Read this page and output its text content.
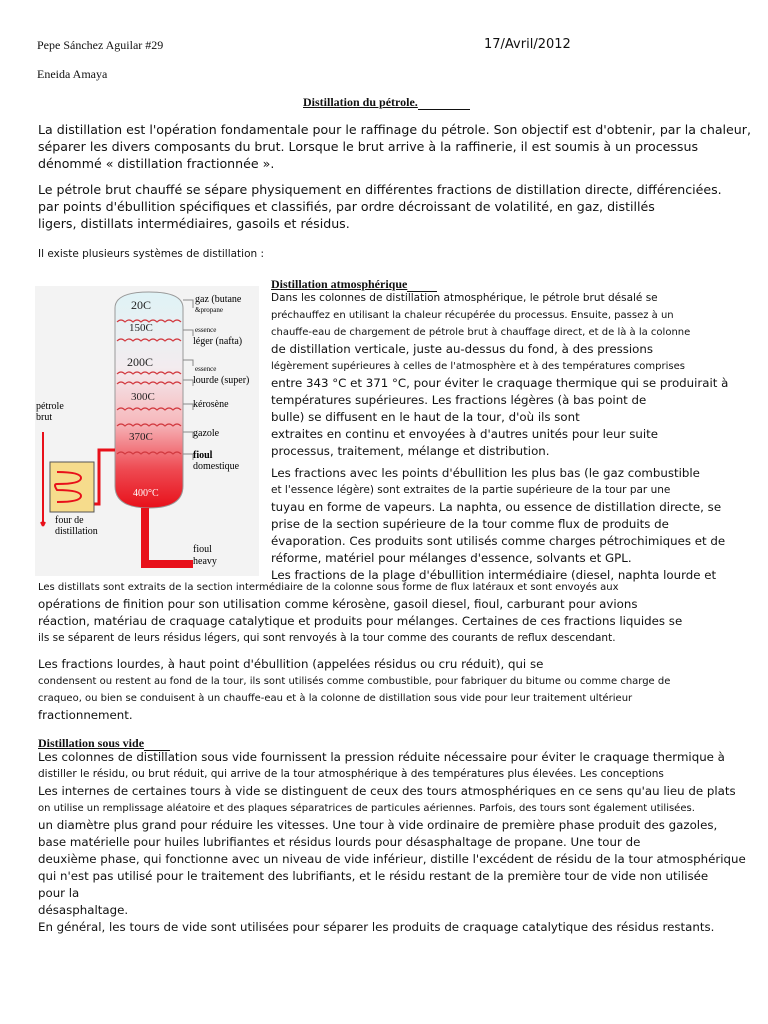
Pepe Sánchez Aguilar #29	17/Avril/2012
Eneida Amaya
Distillation du pétrole.
La distillation est l'opération fondamentale pour le raffinage du pétrole. Son objectif est d'obtenir, par la chaleur,
séparer les divers composants du brut. Lorsque le brut arrive à la raffinerie, il est soumis à un processus
dénommé « distillation fractionnée ».
Le pétrole brut chauffé se sépare physiquement en différentes fractions de distillation directe, différenciées.
par points d'ébullition spécifiques et classifiés, par ordre décroissant de volatilité, en gaz, distillés
ligers, distillats intermédiaires, gasoils et résidus.
Il existe plusieurs systèmes de distillation :
Distillation atmosphérique
20C
150C
200C
300C
370C
400°C
gaz (butane
&propane
essence
léger (nafta)
essence
lourde (super)
kérosène
gazole
fioul
domestique
fioul
heavy
pétrole
brut
four de
distillation
Dans les colonnes de distillation atmosphérique, le pétrole brut désalé se
préchauffez en utilisant la chaleur récupérée du processus. Ensuite, passez à un
chauffe-eau de chargement de pétrole brut à chauffage direct, et de là à la colonne
de distillation verticale, juste au-dessus du fond, à des pressions
légèrement supérieures à celles de l'atmosphère et à des températures comprises
entre 343 °C et 371 °C, pour éviter le craquage thermique qui se produirait à
températures supérieures. Les fractions légères (à bas point de
bulle) se diffusent en le haut de la tour, d'où ils sont
extraites en continu et envoyées à d'autres unités pour leur suite
processus, traitement, mélange et distribution.
Les fractions avec les points d'ébullition les plus bas (le gaz combustible
et l'essence légère) sont extraites de la partie supérieure de la tour par une
tuyau en forme de vapeurs. La naphta, ou essence de distillation directe, se
prise de la section supérieure de la tour comme flux de produits de
évaporation. Ces produits sont utilisés comme charges pétrochimiques et de
réforme, matériel pour mélanges d'essence, solvants et GPL.
Les fractions de la plage d'ébullition intermédiaire (diesel, naphta lourde et
Les distillats sont extraits de la section intermédiaire de la colonne sous forme de flux latéraux et sont envoyés aux
opérations de finition pour son utilisation comme kérosène, gasoil diesel, fioul, carburant pour avions
réaction, matériau de craquage catalytique et produits pour mélanges. Certaines de ces fractions liquides se
ils se séparent de leurs résidus légers, qui sont renvoyés à la tour comme des courants de reflux descendant.
Les fractions lourdes, à haut point d'ébullition (appelées résidus ou cru réduit), qui se
condensent ou restent au fond de la tour, ils sont utilisés comme combustible, pour fabriquer du bitume ou comme charge de
craqueo, ou bien se conduisent à un chauffe-eau et à la colonne de distillation sous vide pour leur traitement ultérieur
fractionnement.
Distillation sous vide
Les colonnes de distillation sous vide fournissent la pression réduite nécessaire pour éviter le craquage thermique à
distiller le résidu, ou brut réduit, qui arrive de la tour atmosphérique à des températures plus élevées. Les conceptions
Les internes de certaines tours à vide se distinguent de ceux des tours atmosphériques en ce sens qu'au lieu de plats
on utilise un remplissage aléatoire et des plaques séparatrices de particules aériennes. Parfois, des tours sont également utilisées.
un diamètre plus grand pour réduire les vitesses. Une tour à vide ordinaire de première phase produit des gazoles,
base matérielle pour huiles lubrifiantes et résidus lourds pour désasphaltage de propane. Une tour de
deuxième phase, qui fonctionne avec un niveau de vide inférieur, distille l'excédent de résidu de la tour atmosphérique
qui n'est pas utilisé pour le traitement des lubrifiants, et le résidu restant de la première tour de vide non utilisée
pour la
désasphaltage.
En général, les tours de vide sont utilisées pour séparer les produits de craquage catalytique des résidus restants.
